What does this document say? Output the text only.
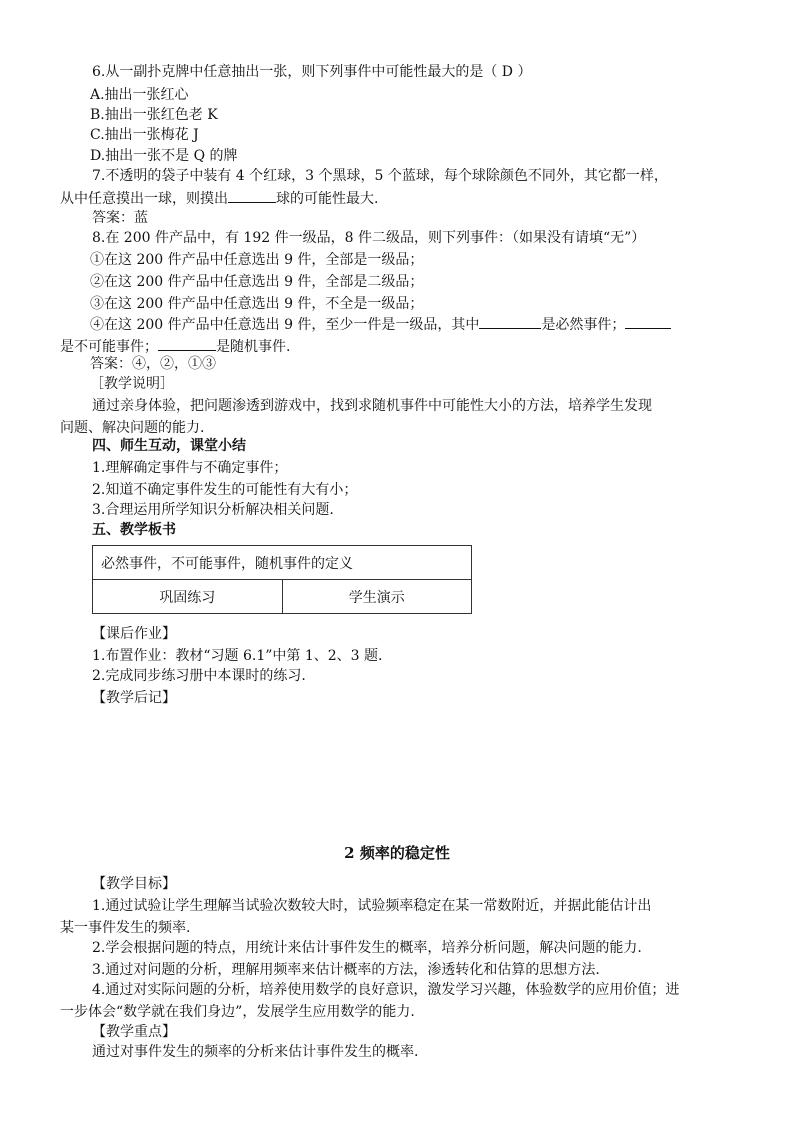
6.从一副扑克牌中任意抽出一张，则下列事件中可能性最大的是（ D ）
A.抽出一张红心
B.抽出一张红色老 K
C.抽出一张梅花 J
D.抽出一张不是 Q 的牌
7.不透明的袋子中装有 4 个红球，3 个黑球，5 个蓝球，每个球除颜色不同外，其它都一样，
从中任意摸出一球，则摸出	球的可能性最大.
答案：蓝
8.在 200 件产品中，有 192 件一级品，8 件二级品，则下列事件：（如果没有请填“无”）
①在这 200 件产品中任意选出 9 件，全部是一级品；
②在这 200 件产品中任意选出 9 件，全部是二级品；
③在这 200 件产品中任意选出 9 件，不全是一级品；
④在这 200 件产品中任意选出 9 件，至少一件是一级品，其中	是必然事件；
是不可能事件；	是随机事件.
答案：④，②，①③
［教学说明］
通过亲身体验，把问题渗透到游戏中，找到求随机事件中可能性大小的方法，培养学生发现
问题、解决问题的能力.
四、师生互动，课堂小结
1.理解确定事件与不确定事件；
2.知道不确定事件发生的可能性有大有小；
3.合理运用所学知识分析解决相关问题.
五、教学板书
必然事件，不可能事件，随机事件的定义
巩固练习	学生演示
【课后作业】
1.布置作业：教材“习题 6.1”中第 1、2、3 题.
2.完成同步练习册中本课时的练习.
【教学后记】
2 频率的稳定性
【教学目标】
1.通过试验让学生理解当试验次数较大时，试验频率稳定在某一常数附近，并据此能估计出
某一事件发生的频率.
2.学会根据问题的特点，用统计来估计事件发生的概率，培养分析问题，解决问题的能力.
3.通过对问题的分析，理解用频率来估计概率的方法，渗透转化和估算的思想方法.
4.通过对实际问题的分析，培养使用数学的良好意识，激发学习兴趣，体验数学的应用价值；进
一步体会“数学就在我们身边”，发展学生应用数学的能力.
【教学重点】
通过对事件发生的频率的分析来估计事件发生的概率.
